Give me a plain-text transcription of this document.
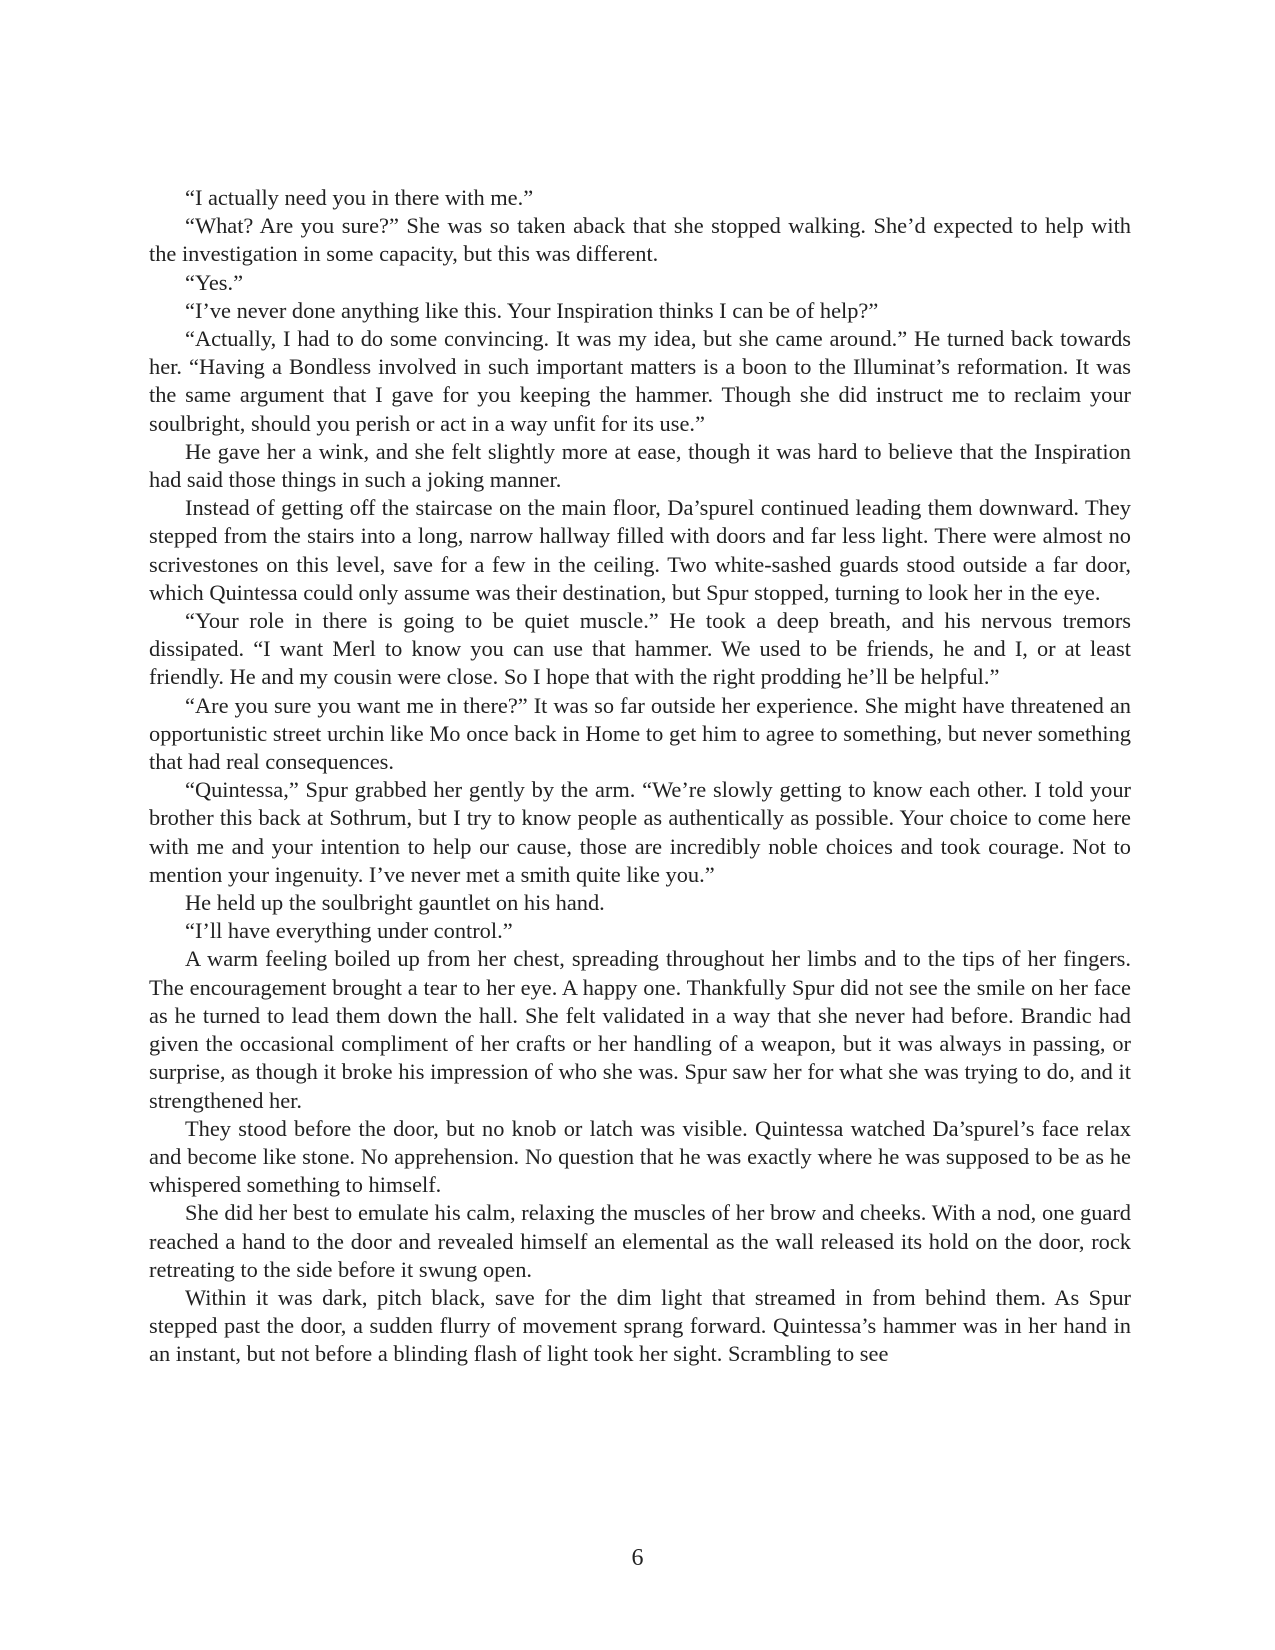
“I actually need you in there with me.”

“What? Are you sure?” She was so taken aback that she stopped walking. She’d expected to help with the investigation in some capacity, but this was different.

“Yes.”

“I’ve never done anything like this. Your Inspiration thinks I can be of help?”

“Actually, I had to do some convincing. It was my idea, but she came around.” He turned back towards her. “Having a Bondless involved in such important matters is a boon to the Illuminat’s reformation. It was the same argument that I gave for you keeping the hammer. Though she did instruct me to reclaim your soulbright, should you perish or act in a way unfit for its use.”

He gave her a wink, and she felt slightly more at ease, though it was hard to believe that the Inspiration had said those things in such a joking manner.

Instead of getting off the staircase on the main floor, Da’spurel continued leading them downward. They stepped from the stairs into a long, narrow hallway filled with doors and far less light. There were almost no scrivestones on this level, save for a few in the ceiling. Two white-sashed guards stood outside a far door, which Quintessa could only assume was their destination, but Spur stopped, turning to look her in the eye.

“Your role in there is going to be quiet muscle.” He took a deep breath, and his nervous tremors dissipated. “I want Merl to know you can use that hammer. We used to be friends, he and I, or at least friendly. He and my cousin were close. So I hope that with the right prodding he’ll be helpful.”

“Are you sure you want me in there?” It was so far outside her experience. She might have threatened an opportunistic street urchin like Mo once back in Home to get him to agree to something, but never something that had real consequences.

“Quintessa,” Spur grabbed her gently by the arm. “We’re slowly getting to know each other. I told your brother this back at Sothrum, but I try to know people as authentically as possible. Your choice to come here with me and your intention to help our cause, those are incredibly noble choices and took courage. Not to mention your ingenuity. I’ve never met a smith quite like you.”

He held up the soulbright gauntlet on his hand.

“I’ll have everything under control.”

A warm feeling boiled up from her chest, spreading throughout her limbs and to the tips of her fingers. The encouragement brought a tear to her eye. A happy one. Thankfully Spur did not see the smile on her face as he turned to lead them down the hall. She felt validated in a way that she never had before. Brandic had given the occasional compliment of her crafts or her handling of a weapon, but it was always in passing, or surprise, as though it broke his impression of who she was. Spur saw her for what she was trying to do, and it strengthened her.

They stood before the door, but no knob or latch was visible. Quintessa watched Da’spurel’s face relax and become like stone. No apprehension. No question that he was exactly where he was supposed to be as he whispered something to himself.

She did her best to emulate his calm, relaxing the muscles of her brow and cheeks. With a nod, one guard reached a hand to the door and revealed himself an elemental as the wall released its hold on the door, rock retreating to the side before it swung open.

Within it was dark, pitch black, save for the dim light that streamed in from behind them. As Spur stepped past the door, a sudden flurry of movement sprang forward. Quintessa’s hammer was in her hand in an instant, but not before a blinding flash of light took her sight. Scrambling to see

6
